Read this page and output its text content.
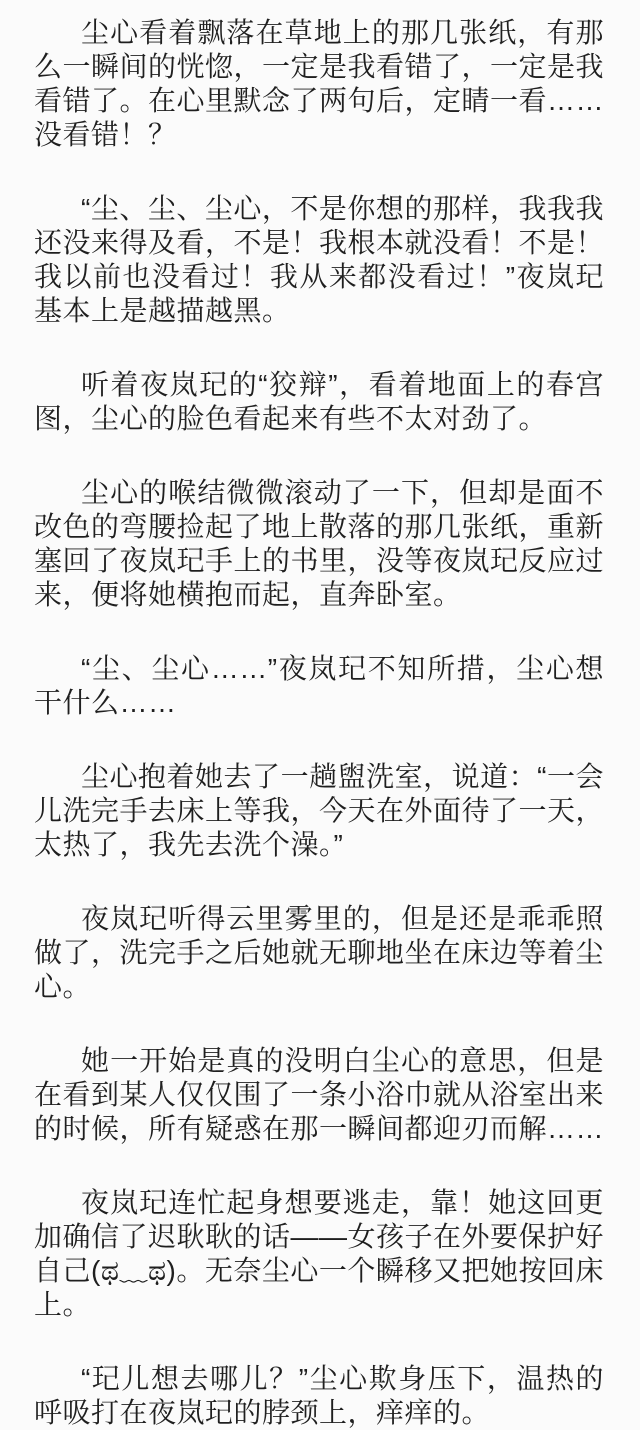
尘心看着飘落在草地上的那几张纸，有那么一瞬间的恍惚，一定是我看错了，一定是我看错了。在心里默念了两句后，定睛一看……没看错！？

“尘、尘、尘心，不是你想的那样，我我我还没来得及看，不是！我根本就没看！不是！我以前也没看过！我从来都没看过！”夜岚玘基本上是越描越黑。

听着夜岚玘的“狡辩”，看着地面上的春宫图，尘心的脸色看起来有些不太对劲了。

尘心的喉结微微滚动了一下，但却是面不改色的弯腰捡起了地上散落的那几张纸，重新塞回了夜岚玘手上的书里，没等夜岚玘反应过来，便将她横抱而起，直奔卧室。

“尘、尘心……”夜岚玘不知所措，尘心想干什么……

尘心抱着她去了一趟盥洗室，说道：“一会儿洗完手去床上等我，今天在外面待了一天，太热了，我先去洗个澡。”

夜岚玘听得云里雾里的，但是还是乖乖照做了，洗完手之后她就无聊地坐在床边等着尘心。

她一开始是真的没明白尘心的意思，但是在看到某人仅仅围了一条小浴巾就从浴室出来的时候，所有疑惑在那一瞬间都迎刃而解……

夜岚玘连忙起身想要逃走，靠！她这回更加确信了迟耿耿的话——女孩子在外要保护好自己(ಥ﹏ಥ)。无奈尘心一个瞬移又把她按回床上。

“玘儿想去哪儿？”尘心欺身压下，温热的呼吸打在夜岚玘的脖颈上，痒痒的。
